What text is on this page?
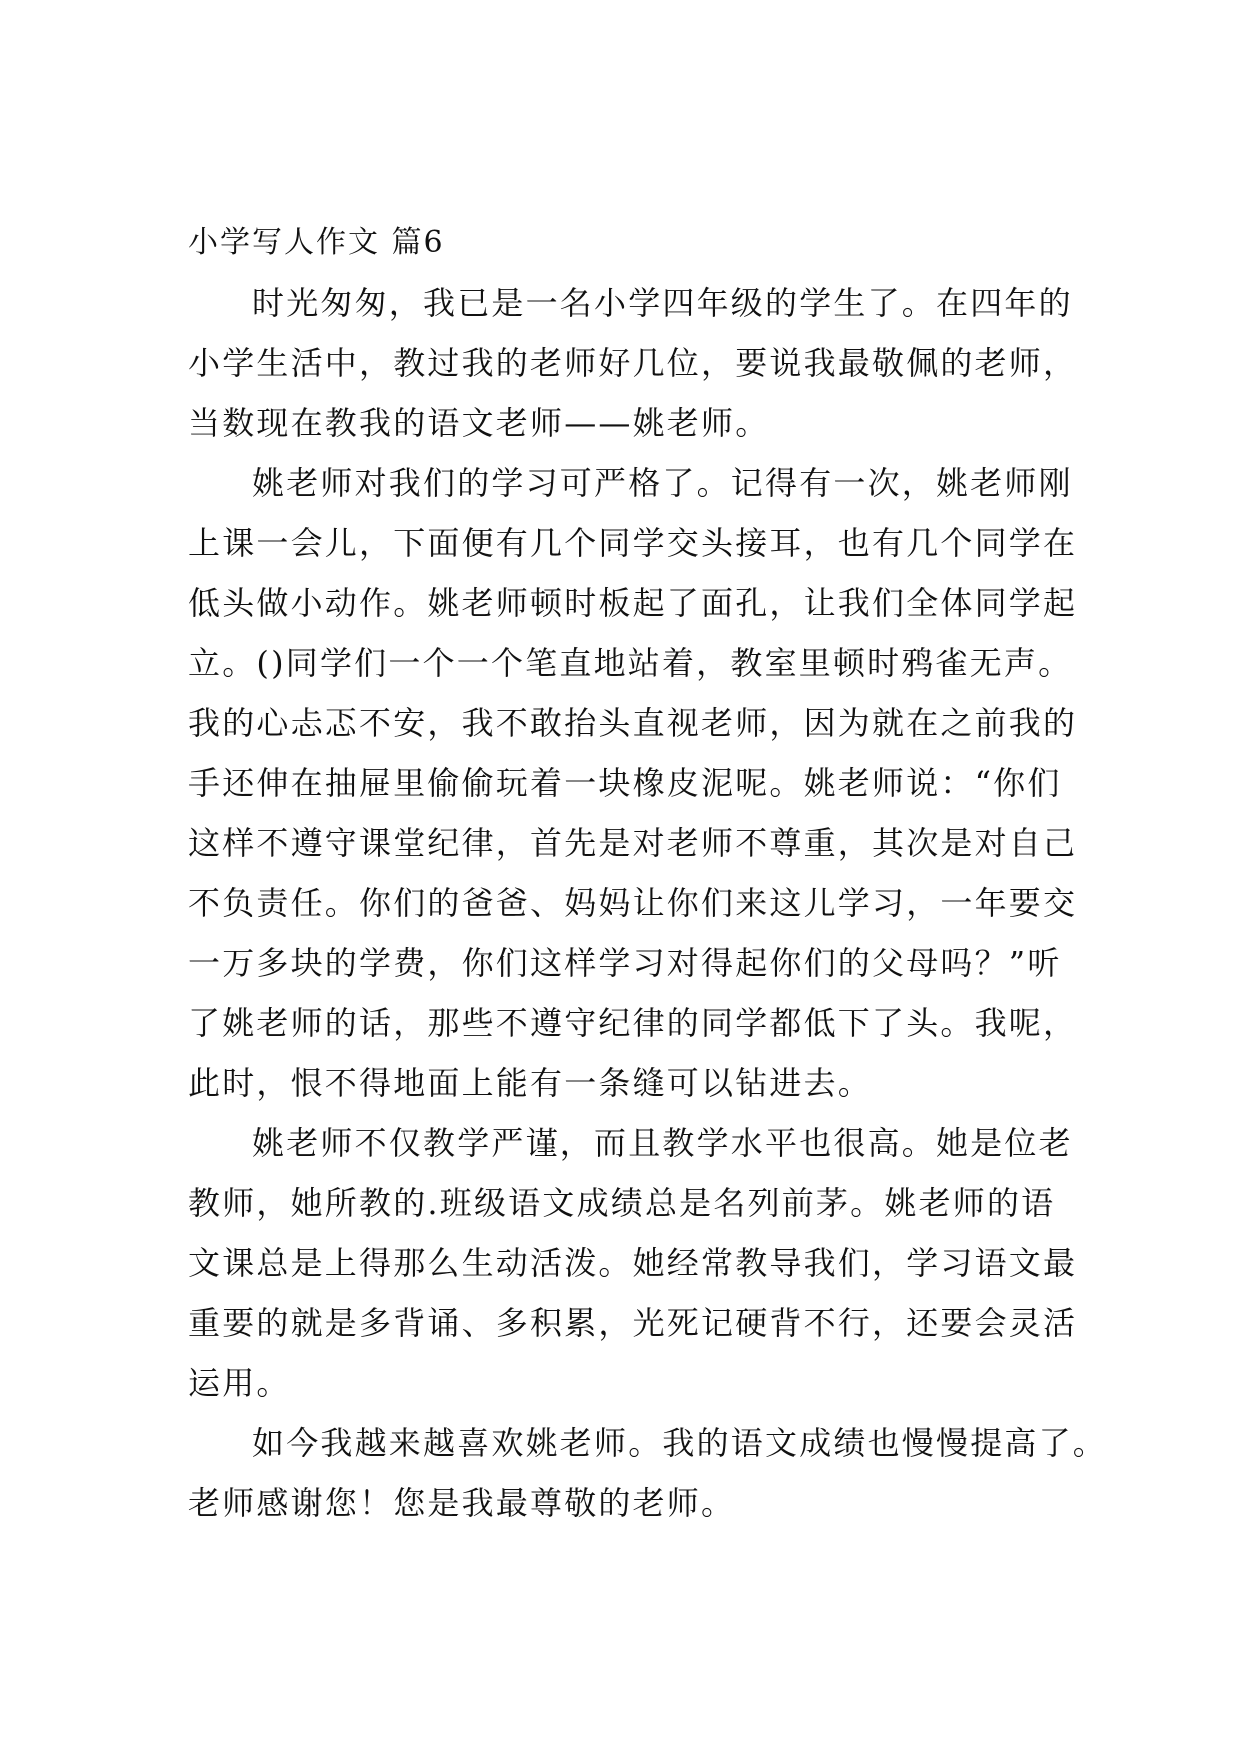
小学写人作文 篇6
时光匆匆，我已是一名小学四年级的学生了。在四年的
小学生活中，教过我的老师好几位，要说我最敬佩的老师，
当数现在教我的语文老师——姚老师。
姚老师对我们的学习可严格了。记得有一次，姚老师刚
上课一会儿，下面便有几个同学交头接耳，也有几个同学在
低头做小动作。姚老师顿时板起了面孔，让我们全体同学起
立。()同学们一个一个笔直地站着，教室里顿时鸦雀无声。
我的心忐忑不安，我不敢抬头直视老师，因为就在之前我的
手还伸在抽屉里偷偷玩着一块橡皮泥呢。姚老师说：“你们
这样不遵守课堂纪律，首先是对老师不尊重，其次是对自己
不负责任。你们的爸爸、妈妈让你们来这儿学习，一年要交
一万多块的学费，你们这样学习对得起你们的父母吗？”听
了姚老师的话，那些不遵守纪律的同学都低下了头。我呢，
此时，恨不得地面上能有一条缝可以钻进去。
姚老师不仅教学严谨，而且教学水平也很高。她是位老
教师，她所教的.班级语文成绩总是名列前茅。姚老师的语
文课总是上得那么生动活泼。她经常教导我们，学习语文最
重要的就是多背诵、多积累，光死记硬背不行，还要会灵活
运用。
如今我越来越喜欢姚老师。我的语文成绩也慢慢提高了。
老师感谢您！您是我最尊敬的老师。
